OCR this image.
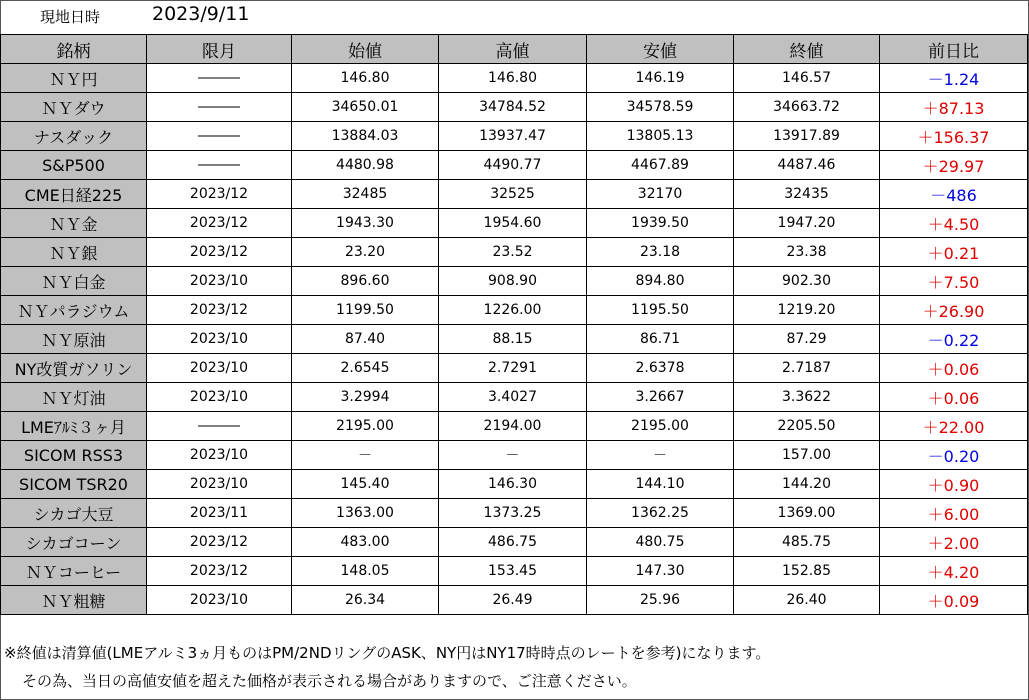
現地日時	2023/9/11
銘柄	限月	始値	高値	安値	終値	前日比
ＮＹ円	―――	146.80	146.80	146.19	146.57	－1.24
ＮＹダウ	―――	34650.01	34784.52	34578.59	34663.72	＋87.13
ナスダック	―――	13884.03	13937.47	13805.13	13917.89	＋156.37
S&P500	―――	4480.98	4490.77	4467.89	4487.46	＋29.97
CME日経225	2023/12	32485	32525	32170	32435	－486
ＮＹ金	2023/12	1943.30	1954.60	1939.50	1947.20	＋4.50
ＮＹ銀	2023/12	23.20	23.52	23.18	23.38	＋0.21
ＮＹ白金	2023/10	896.60	908.90	894.80	902.30	＋7.50
ＮＹパラジウム	2023/12	1199.50	1226.00	1195.50	1219.20	＋26.90
ＮＹ原油	2023/10	87.40	88.15	86.71	87.29	－0.22
NY改質ガソリン	2023/10	2.6545	2.7291	2.6378	2.7187	＋0.06
ＮＹ灯油	2023/10	3.2994	3.4027	3.2667	3.3622	＋0.06
LMEｱﾙﾐ３ヶ月	―――	2195.00	2194.00	2195.00	2205.50	＋22.00
SICOM RSS3	2023/10	－	－	－	157.00	－0.20
SICOM TSR20	2023/10	145.40	146.30	144.10	144.20	＋0.90
シカゴ大豆	2023/11	1363.00	1373.25	1362.25	1369.00	＋6.00
シカゴコーン	2023/12	483.00	486.75	480.75	485.75	＋2.00
ＮＹコーヒー	2023/12	148.05	153.45	147.30	152.85	＋4.20
ＮＹ粗糖	2023/10	26.34	26.49	25.96	26.40	＋0.09
※終値は清算値(LMEアルミ3ヵ月ものはPM/2NDリングのASK、NY円はNY17時時点のレートを参考)になります。
その為、当日の高値安値を超えた価格が表示される場合がありますので、ご注意ください。
